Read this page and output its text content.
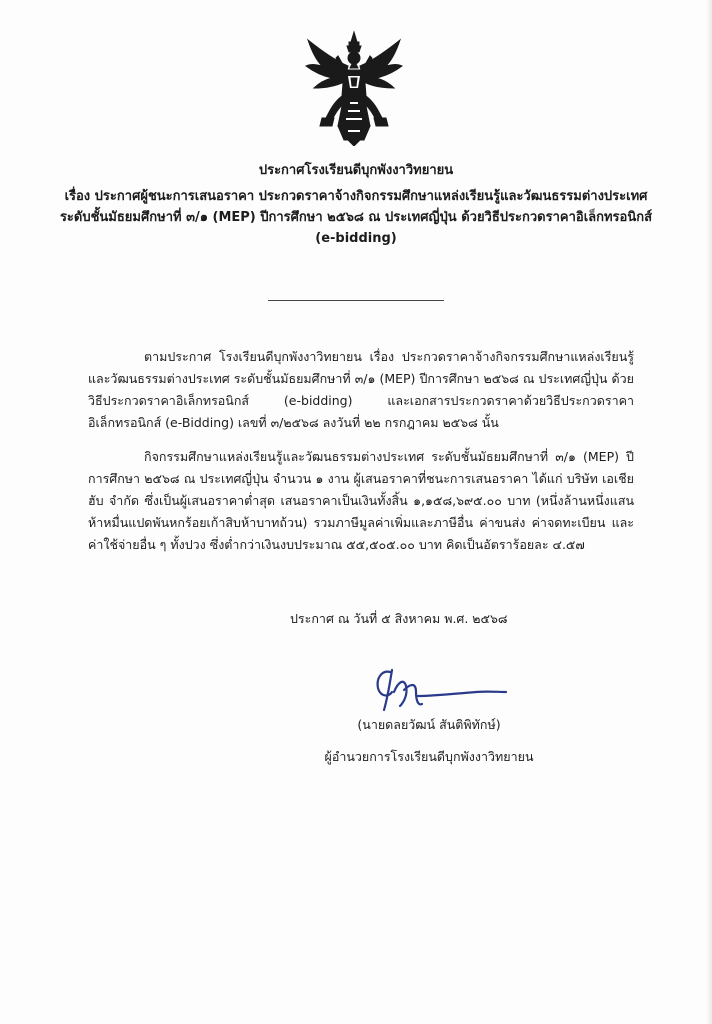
ประกาศโรงเรียนดีบุกพังงาวิทยายน
เรื่อง ประกาศผู้ชนะการเสนอราคา ประกวดราคาจ้างกิจกรรมศึกษาแหล่งเรียนรู้และวัฒนธรรมต่างประเทศ ระดับชั้นมัธยมศึกษาที่ ๓/๑ (MEP) ปีการศึกษา ๒๕๖๘ ณ ประเทศญี่ปุ่น ด้วยวิธีประกวดราคาอิเล็กทรอนิกส์ (e-bidding)
ตามประกาศ โรงเรียนดีบุกพังงาวิทยายน เรื่อง ประกวดราคาจ้างกิจกรรมศึกษาแหล่งเรียนรู้และวัฒนธรรมต่างประเทศ ระดับชั้นมัธยมศึกษาที่ ๓/๑ (MEP) ปีการศึกษา ๒๕๖๘ ณ ประเทศญี่ปุ่น ด้วยวิธีประกวดราคาอิเล็กทรอนิกส์ (e-bidding) และเอกสารประกวดราคาด้วยวิธีประกวดราคาอิเล็กทรอนิกส์ (e-Bidding) เลขที่ ๓/๒๕๖๘ ลงวันที่ ๒๒ กรกฎาคม ๒๕๖๘ นั้น
กิจกรรมศึกษาแหล่งเรียนรู้และวัฒนธรรมต่างประเทศ ระดับชั้นมัธยมศึกษาที่ ๓/๑ (MEP) ปีการศึกษา ๒๕๖๘ ณ ประเทศญี่ปุ่น จำนวน ๑ งาน ผู้เสนอราคาที่ชนะการเสนอราคา ได้แก่ บริษัท เอเชีย ฮับ จำกัด ซึ่งเป็นผู้เสนอราคาต่ำสุด เสนอราคาเป็นเงินทั้งสิ้น ๑,๑๕๘,๖๙๕.๐๐ บาท (หนึ่งล้านหนึ่งแสนห้าหมื่นแปดพันหกร้อยเก้าสิบห้าบาทถ้วน) รวมภาษีมูลค่าเพิ่มและภาษีอื่น ค่าขนส่ง ค่าจดทะเบียน และค่าใช้จ่ายอื่น ๆ ทั้งปวง ซึ่งต่ำกว่าเงินงบประมาณ ๕๕,๕๐๕.๐๐ บาท คิดเป็นอัตราร้อยละ ๔.๕๗
ประกาศ ณ วันที่ ๕ สิงหาคม พ.ศ. ๒๕๖๘
(นายดลยวัฒน์ สันติพิทักษ์)
ผู้อำนวยการโรงเรียนดีบุกพังงาวิทยายน
